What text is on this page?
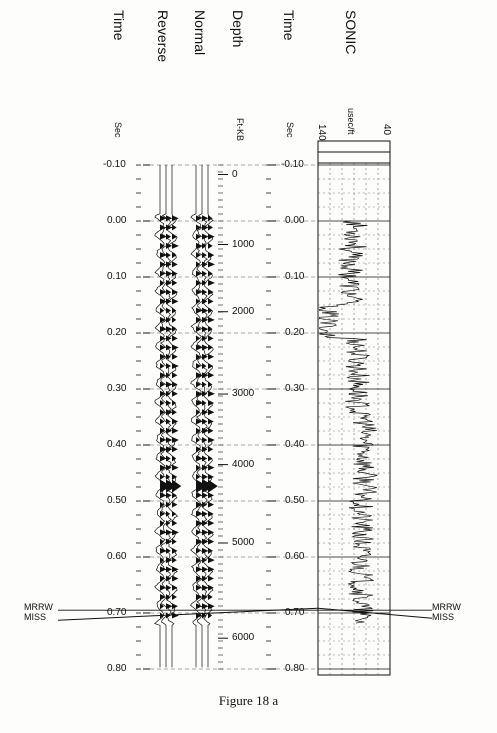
Time Reverse Normal Depth	Time	SONIC
Sec	Ft-KB	Sec	usec/ft
140	40
-0.10
0.00
0.10
0.20
0.30
0.40
0.50
0.60
0.70
0.80
-0.10
0.00
0.10
0.20
0.30
0.40
0.50
0.60
0.70
0.80
0
1000
2000
3000
4000
5000
6000
MRRW
MISS
MRRW
MISS
Figure 18 a
